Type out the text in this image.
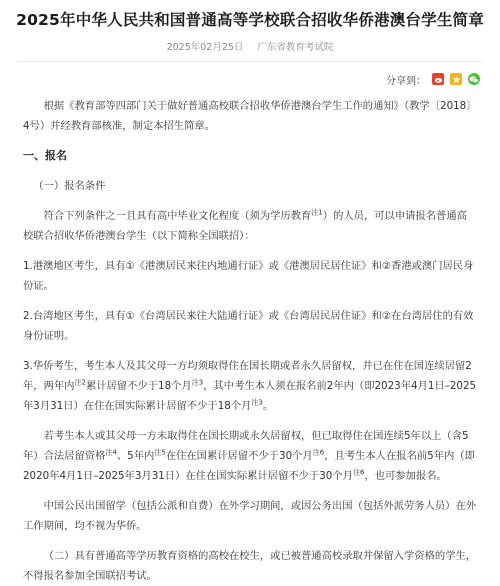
2025年中华人民共和国普通高等学校联合招收华侨港澳台学生简章
2025年02月25日 广东省教育考试院
分享到：

根据《教育部等四部门关于做好普通高校联合招收华侨港澳台学生工作的通知》（教学〔2018〕4号）并经教育部核准，制定本招生简章。

一、报名

（一）报名条件

符合下列条件之一且具有高中毕业文化程度（须为学历教育$^{注1}$）的人员，可以申请报名普通高校联合招收华侨港澳台学生（以下简称全国联招）：

1.港澳地区考生，具有①《港澳居民来往内地通行证》或《港澳居民居住证》和②香港或澳门居民身份证。

2.台湾地区考生，具有①《台湾居民来往大陆通行证》或《台湾居民居住证》和②在台湾居住的有效身份证明。

3.华侨考生，考生本人及其父母一方均须取得住在国长期或者永久居留权，并已在住在国连续居留2年，两年内$^{注2}$累计居留不少于18个月$^{注3}$，其中考生本人须在报名前2年内（即2023年4月1日–2025年3月31日）在住在国实际累计居留不少于18个月$^{注3}$。

若考生本人或其父母一方未取得住在国长期或永久居留权，但已取得住在国连续5年以上（含5年）合法居留资格$^{注4}$、5年内$^{注5}$在住在国累计居留不少于30个月$^{注6}$，且考生本人在报名前5年内（即2020年4月1日–2025年3月31日）在住在国实际累计居留不少于30个月$^{注6}$，也可参加报名。

中国公民出国留学（包括公派和自费）在外学习期间，或因公务出国（包括外派劳务人员）在外工作期间，均不视为华侨。

（二）具有普通高等学历教育资格的高校在校生，或已被普通高校录取并保留入学资格的学生，不得报名参加全国联招考试。
